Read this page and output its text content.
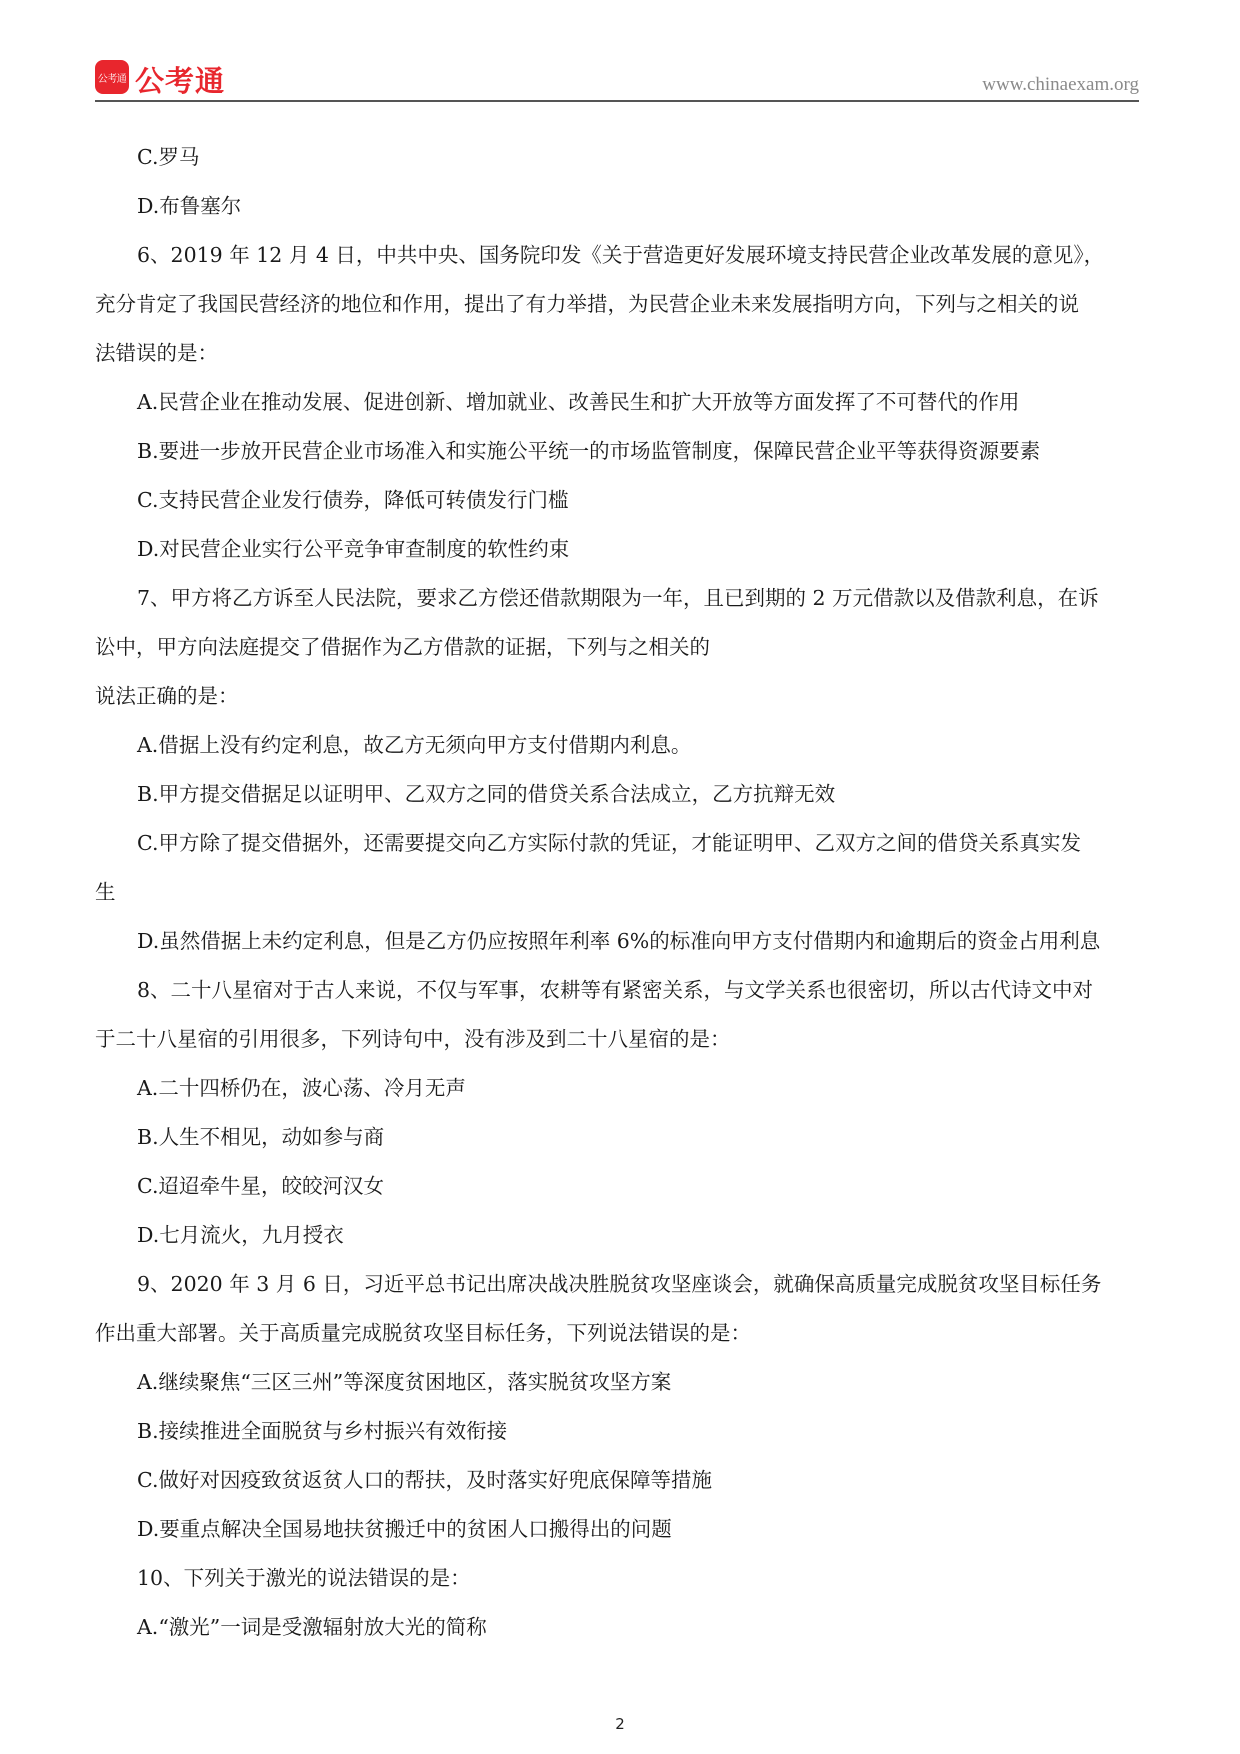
公考通 公考通	www.chinaexam.org
C.罗马
D.布鲁塞尔
6、2019 年 12 月 4 日，中共中央、国务院印发《关于营造更好发展环境支持民营企业改革发展的意见》，
充分肯定了我国民营经济的地位和作用，提出了有力举措，为民营企业未来发展指明方向，下列与之相关的说
法错误的是：
A.民营企业在推动发展、促进创新、增加就业、改善民生和扩大开放等方面发挥了不可替代的作用
B.要进一步放开民营企业市场准入和实施公平统一的市场监管制度，保障民营企业平等获得资源要素
C.支持民营企业发行债券，降低可转债发行门槛
D.对民营企业实行公平竞争审查制度的软性约束
7、甲方将乙方诉至人民法院，要求乙方偿还借款期限为一年，且已到期的 2 万元借款以及借款利息，在诉
讼中，甲方向法庭提交了借据作为乙方借款的证据，下列与之相关的
说法正确的是：
A.借据上没有约定利息，故乙方无须向甲方支付借期内利息。
B.甲方提交借据足以证明甲、乙双方之同的借贷关系合法成立，乙方抗辩无效
C.甲方除了提交借据外，还需要提交向乙方实际付款的凭证，才能证明甲、乙双方之间的借贷关系真实发
生
D.虽然借据上未约定利息，但是乙方仍应按照年利率 6%的标准向甲方支付借期内和逾期后的资金占用利息
8、二十八星宿对于古人来说，不仅与军事，农耕等有紧密关系，与文学关系也很密切，所以古代诗文中对
于二十八星宿的引用很多，下列诗句中，没有涉及到二十八星宿的是：
A.二十四桥仍在，波心荡、冷月无声
B.人生不相见，动如参与商
C.迢迢牵牛星，皎皎河汉女
D.七月流火，九月授衣
9、2020 年 3 月 6 日，习近平总书记出席决战决胜脱贫攻坚座谈会，就确保高质量完成脱贫攻坚目标任务
作出重大部署。关于高质量完成脱贫攻坚目标任务，下列说法错误的是：
A.继续聚焦“三区三州”等深度贫困地区，落实脱贫攻坚方案
B.接续推进全面脱贫与乡村振兴有效衔接
C.做好对因疫致贫返贫人口的帮扶，及时落实好兜底保障等措施
D.要重点解决全国易地扶贫搬迁中的贫困人口搬得出的问题
10、下列关于激光的说法错误的是：
A.“激光”一词是受激辐射放大光的简称
2
